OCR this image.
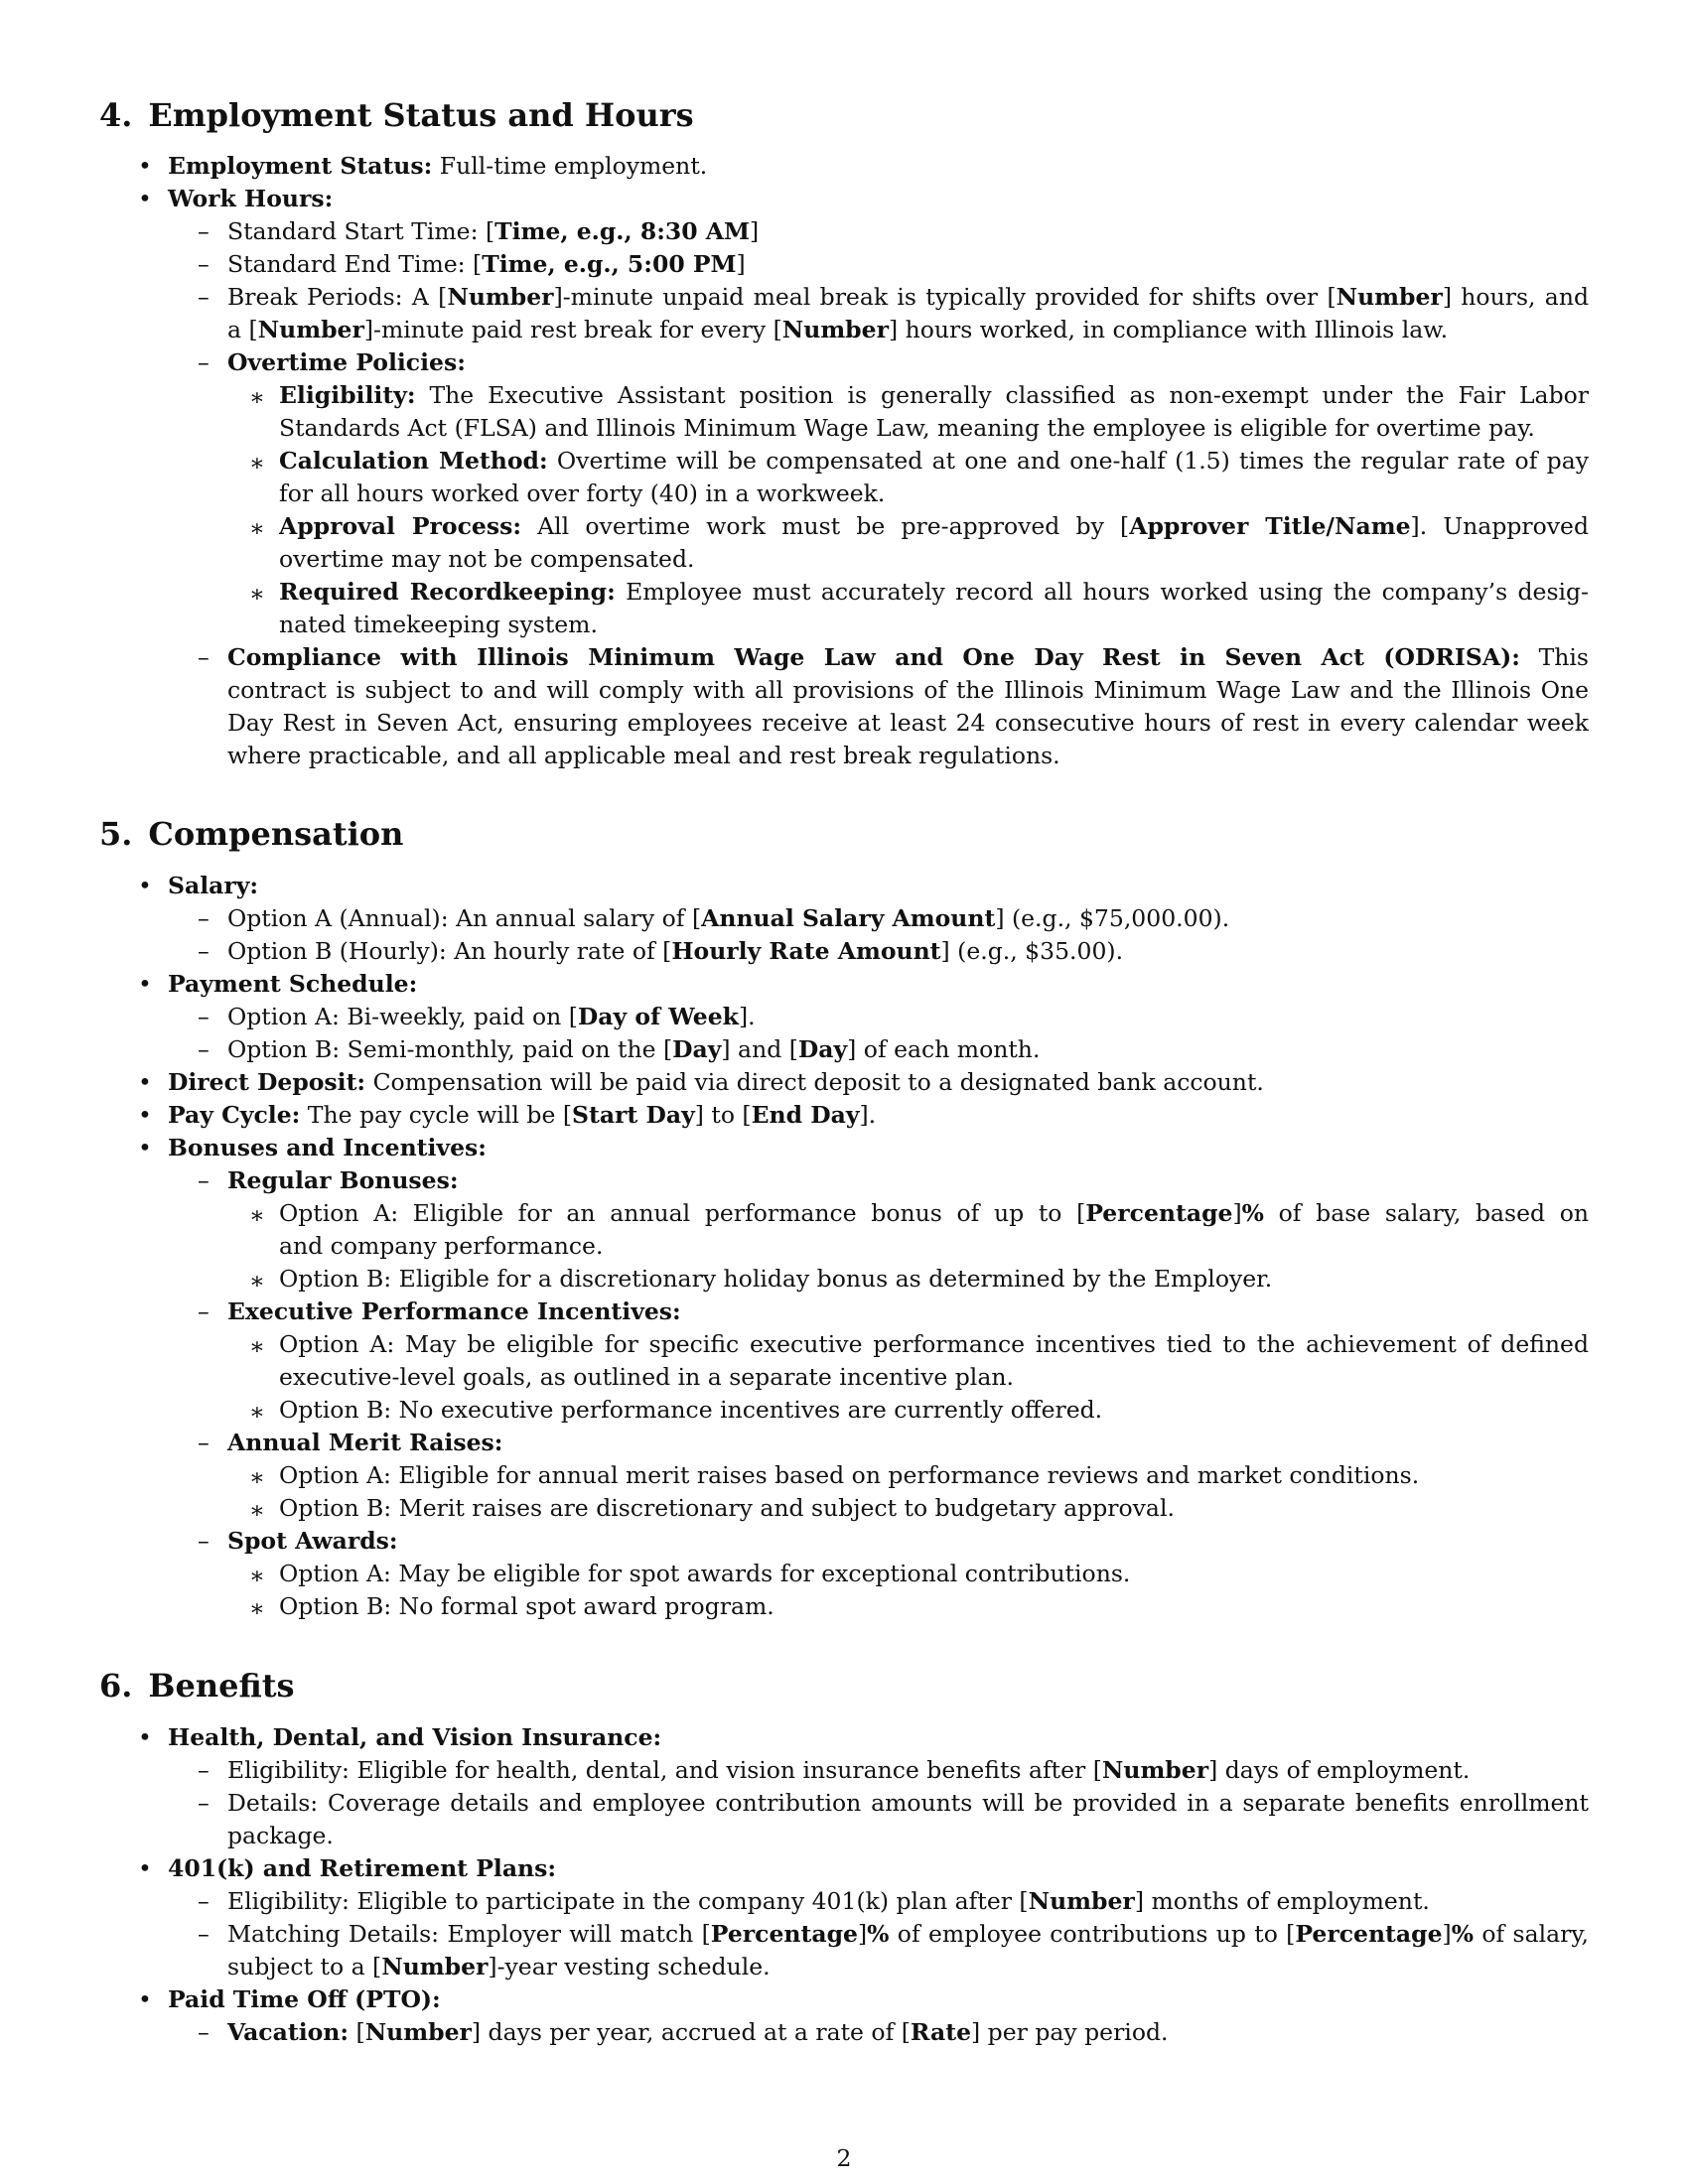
4. Employment Status and Hours
• Employment Status: Full-time employment.
• Work Hours:
– Standard Start Time: [Time, e.g., 8:30 AM]
– Standard End Time: [Time, e.g., 5:00 PM]
– Break Periods: A [Number]-minute unpaid meal break is typically provided for shifts over [Number] hours, and
a [Number]-minute paid rest break for every [Number] hours worked, in compliance with Illinois law.
– Overtime Policies:
∗ Eligibility: The Executive Assistant position is generally classified as non-exempt under the Fair Labor
Standards Act (FLSA) and Illinois Minimum Wage Law, meaning the employee is eligible for overtime pay.
∗ Calculation Method: Overtime will be compensated at one and one-half (1.5) times the regular rate of pay
for all hours worked over forty (40) in a workweek.
∗ Approval Process: All overtime work must be pre-approved by [Approver Title/Name]. Unapproved
overtime may not be compensated.
∗ Required Recordkeeping: Employee must accurately record all hours worked using the company’s desig-
nated timekeeping system.
– Compliance with Illinois Minimum Wage Law and One Day Rest in Seven Act (ODRISA): This
contract is subject to and will comply with all provisions of the Illinois Minimum Wage Law and the Illinois One
Day Rest in Seven Act, ensuring employees receive at least 24 consecutive hours of rest in every calendar week
where practicable, and all applicable meal and rest break regulations.
5. Compensation
• Salary:
– Option A (Annual): An annual salary of [Annual Salary Amount] (e.g., $75,000.00).
– Option B (Hourly): An hourly rate of [Hourly Rate Amount] (e.g., $35.00).
• Payment Schedule:
– Option A: Bi-weekly, paid on [Day of Week].
– Option B: Semi-monthly, paid on the [Day] and [Day] of each month.
• Direct Deposit: Compensation will be paid via direct deposit to a designated bank account.
• Pay Cycle: The pay cycle will be [Start Day] to [End Day].
• Bonuses and Incentives:
– Regular Bonuses:
∗ Option A: Eligible for an annual performance bonus of up to [Percentage]% of base salary, based on
and company performance.
∗ Option B: Eligible for a discretionary holiday bonus as determined by the Employer.
– Executive Performance Incentives:
∗ Option A: May be eligible for specific executive performance incentives tied to the achievement of defined
executive-level goals, as outlined in a separate incentive plan.
∗ Option B: No executive performance incentives are currently offered.
– Annual Merit Raises:
∗ Option A: Eligible for annual merit raises based on performance reviews and market conditions.
∗ Option B: Merit raises are discretionary and subject to budgetary approval.
– Spot Awards:
∗ Option A: May be eligible for spot awards for exceptional contributions.
∗ Option B: No formal spot award program.
6. Benefits
• Health, Dental, and Vision Insurance:
– Eligibility: Eligible for health, dental, and vision insurance benefits after [Number] days of employment.
– Details: Coverage details and employee contribution amounts will be provided in a separate benefits enrollment
package.
• 401(k) and Retirement Plans:
– Eligibility: Eligible to participate in the company 401(k) plan after [Number] months of employment.
– Matching Details: Employer will match [Percentage]% of employee contributions up to [Percentage]% of salary,
subject to a [Number]-year vesting schedule.
• Paid Time Off (PTO):
– Vacation: [Number] days per year, accrued at a rate of [Rate] per pay period.
2
